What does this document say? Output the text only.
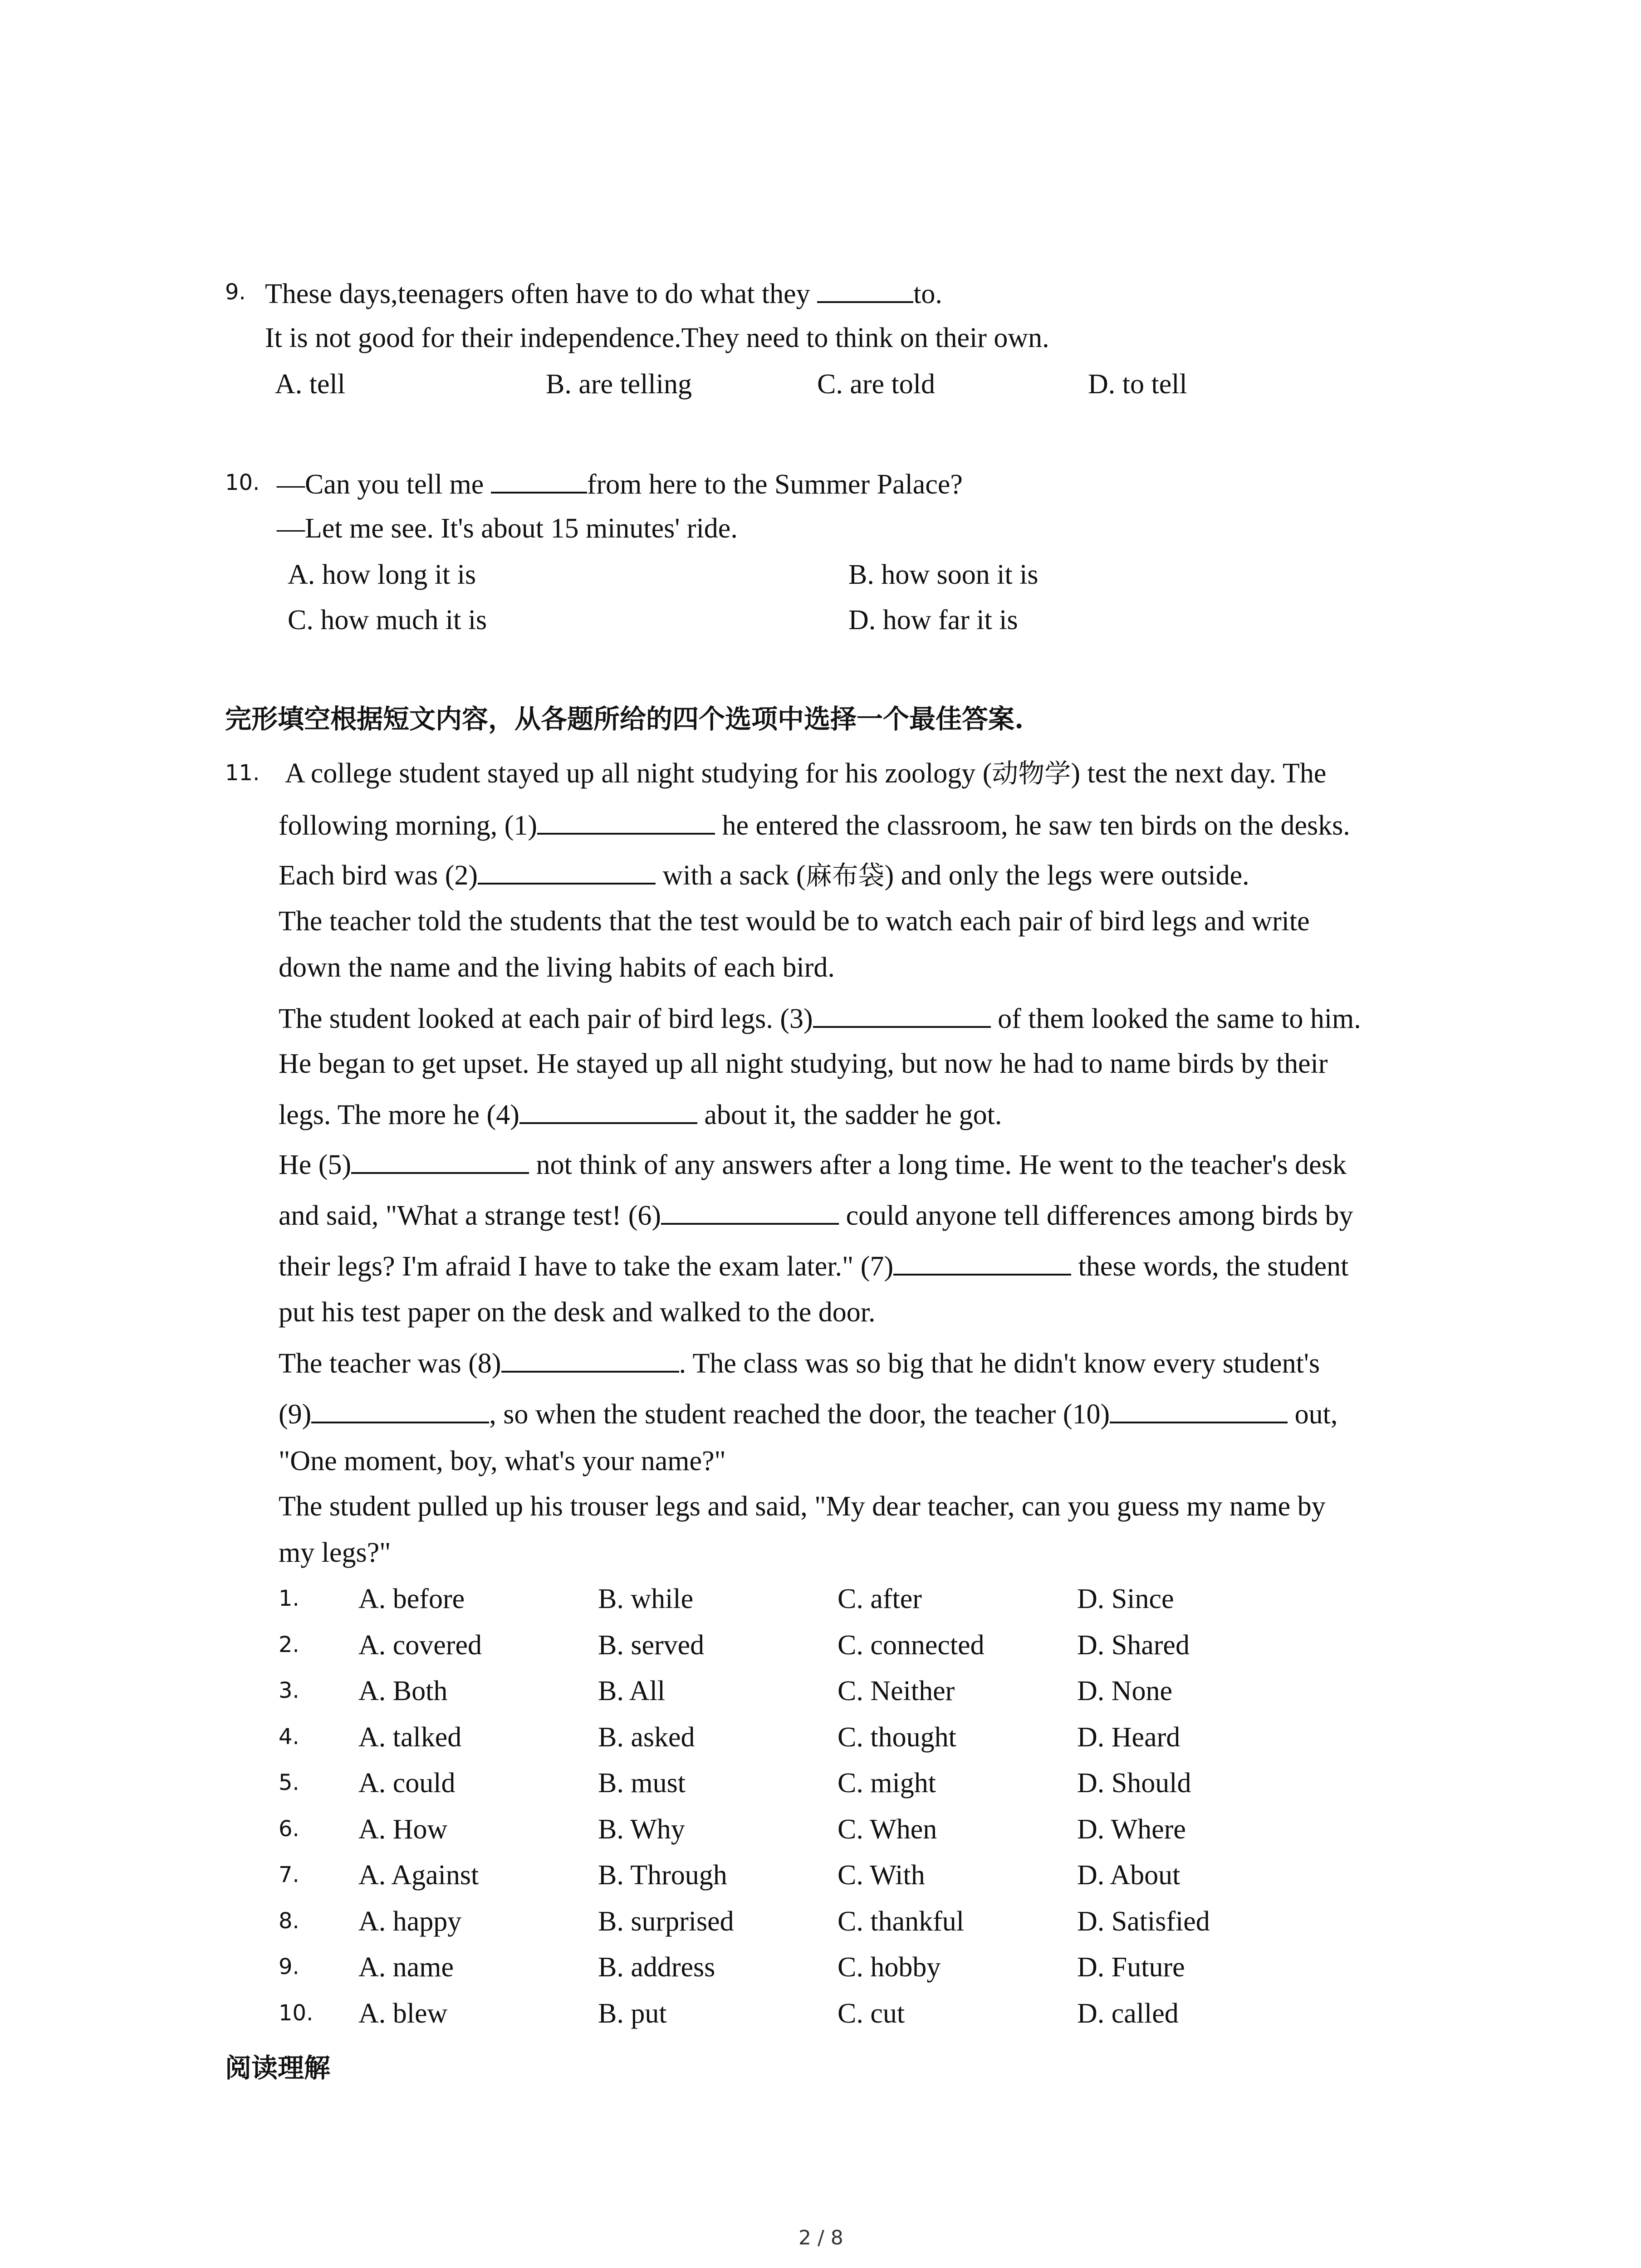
9. These days,teenagers often have to do what they	to.
It is not good for their independence.They need to think on their own.
A. tell	B. are telling	C. are told	D. to tell
10. —Can you tell me	from here to the Summer Palace?
—Let me see. It's about 15 minutes' ride.
A. how long it is	B. how soon it is
C. how much it is	D. how far it is
完形填空根据短文内容，从各题所给的四个选项中选择一个最佳答案.
11. A college student stayed up all night studying for his zoology (动物学) test the next day. The
following morning, (1)	he entered the classroom, he saw ten birds on the desks.
Each bird was (2)	with a sack (麻布袋) and only the legs were outside.
The teacher told the students that the test would be to watch each pair of bird legs and write
down the name and the living habits of each bird.
The student looked at each pair of bird legs. (3)	of them looked the same to him.
He began to get upset. He stayed up all night studying, but now he had to name birds by their
legs. The more he (4)	about it, the sadder he got.
He (5)	not think of any answers after a long time. He went to the teacher's desk
and said, "What a strange test! (6)	could anyone tell differences among birds by
their legs? I'm afraid I have to take the exam later." (7)	these words, the student
put his test paper on the desk and walked to the door.
The teacher was (8)	. The class was so big that he didn't know every student's
(9)	, so when the student reached the door, the teacher (10)	out,
"One moment, boy, what's your name?"
The student pulled up his trouser legs and said, "My dear teacher, can you guess my name by
my legs?"
1. A. before	B. while	C. after	D. Since
2. A. covered	B. served	C. connected	D. Shared
3. A. Both	B. All	C. Neither	D. None
4. A. talked	B. asked	C. thought	D. Heard
5. A. could	B. must	C. might	D. Should
6. A. How	B. Why	C. When	D. Where
7. A. Against	B. Through	C. With	D. About
8. A. happy	B. surprised	C. thankful	D. Satisfied
9. A. name	B. address	C. hobby	D. Future
10. A. blew	B. put	C. cut	D. called
阅读理解
2 / 8
